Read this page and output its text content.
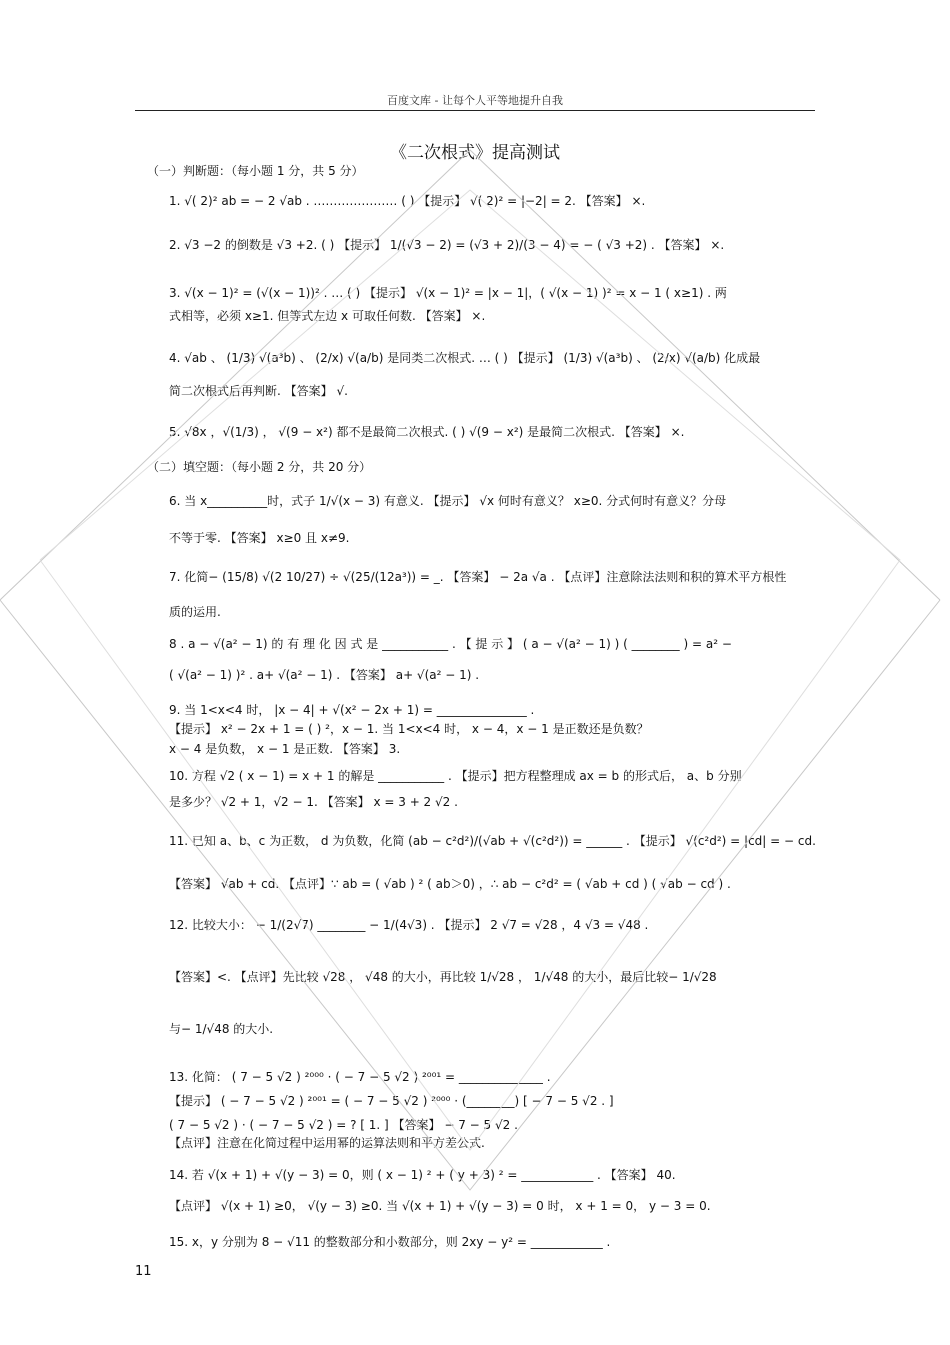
百度文库 - 让每个人平等地提升自我
《二次根式》提高测试
（一）判断题：（每小题 1 分，共 5 分）
1. √( 2)² ab = − 2 √ab . ………………… ( ) 【提示】 √( 2)² = |−2| = 2. 【答案】 ×.
2. √3 −2 的倒数是 √3 +2. ( ) 【提示】 1/(√3 − 2) = (√3 + 2)/(3 − 4) = − ( √3 +2) . 【答案】 ×.
3. √(x − 1)² = (√(x − 1))² . … ( ) 【提示】 √(x − 1)² = |x − 1|，( √(x − 1) )² = x − 1 ( x≥1) . 两
式相等，必须 x≥1. 但等式左边 x 可取任何数. 【答案】 ×.
4. √ab 、 (1/3) √(a³b) 、 (2/x) √(a/b) 是同类二次根式. … ( ) 【提示】 (1/3) √(a³b) 、 (2/x) √(a/b) 化成最
简二次根式后再判断. 【答案】 √.
5. √8x ，√(1/3) ， √(9 − x²) 都不是最简二次根式. ( ) √(9 − x²) 是最简二次根式. 【答案】 ×.
（二）填空题：（每小题 2 分，共 20 分）
6. 当 x__________时，式子 1/√(x − 3) 有意义. 【提示】 √x 何时有意义？ x≥0. 分式何时有意义？分母
不等于零. 【答案】 x≥0 且 x≠9.
7. 化简− (15/8) √(2 10/27) ÷ √(25/(12a³)) = _. 【答案】 − 2a √a . 【点评】注意除法法则和积的算术平方根性
质的运用.
8 . a − √(a² − 1) 的 有 理 化 因 式 是 ___________ . 【 提 示 】 ( a − √(a² − 1) ) ( ________ ) = a² −
( √(a² − 1) )² . a+ √(a² − 1) . 【答案】 a+ √(a² − 1) .
9. 当 1<x<4 时， |x − 4| + √(x² − 2x + 1) = _______________ .
【提示】 x² − 2x + 1 = ( ) ²，x − 1. 当 1<x<4 时， x − 4，x − 1 是正数还是负数？
x − 4 是负数， x − 1 是正数. 【答案】 3.
10. 方程 √2 ( x − 1) = x + 1 的解是 ___________ . 【提示】把方程整理成 ax = b 的形式后， a、b 分别
是多少？ √2 + 1，√2 − 1. 【答案】 x = 3 + 2 √2 .
11. 已知 a、b、c 为正数， d 为负数，化简 (ab − c²d²)/(√ab + √(c²d²)) = ______ . 【提示】 √(c²d²) = |cd| = − cd.
【答案】 √ab + cd. 【点评】∵ ab = ( √ab ) ² ( ab＞0) ，∴ ab − c²d² = ( √ab + cd ) ( √ab − cd ) .
12. 比较大小： − 1/(2√7) ________ − 1/(4√3) . 【提示】 2 √7 = √28 ，4 √3 = √48 .
【答案】<. 【点评】先比较 √28 ， √48 的大小，再比较 1/√28 ， 1/√48 的大小，最后比较− 1/√28
与− 1/√48 的大小.
13. 化简： ( 7 − 5 √2 ) ²⁰⁰⁰ · ( − 7 − 5 √2 ) ²⁰⁰¹ = ______________ .
【提示】 ( − 7 − 5 √2 ) ²⁰⁰¹ = ( − 7 − 5 √2 ) ²⁰⁰⁰ · (________) [ − 7 − 5 √2 . ]
( 7 − 5 √2 ) · ( − 7 − 5 √2 ) = ? [ 1. ] 【答案】 − 7 − 5 √2 .
【点评】注意在化简过程中运用幂的运算法则和平方差公式.
14. 若 √(x + 1) + √(y − 3) = 0，则 ( x − 1) ² + ( y + 3) ² = ____________ . 【答案】 40.
【点评】 √(x + 1) ≥0， √(y − 3) ≥0. 当 √(x + 1) + √(y − 3) = 0 时， x + 1 = 0， y − 3 = 0.
15. x，y 分别为 8 − √11 的整数部分和小数部分，则 2xy − y² = ____________ .
11
